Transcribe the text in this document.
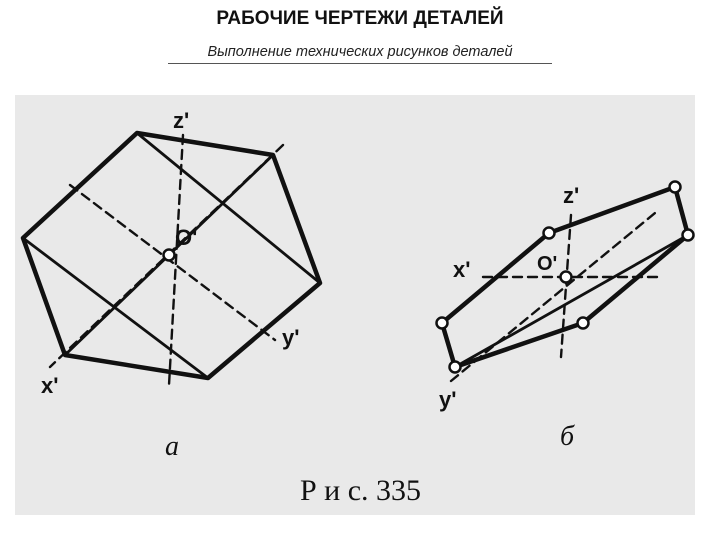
РАБОЧИЕ ЧЕРТЕЖИ ДЕТАЛЕЙ
Выполнение технических рисунков деталей
z'
O'
y'
x'
а
z'
O'
x'
y'
б
Р и с. 335
